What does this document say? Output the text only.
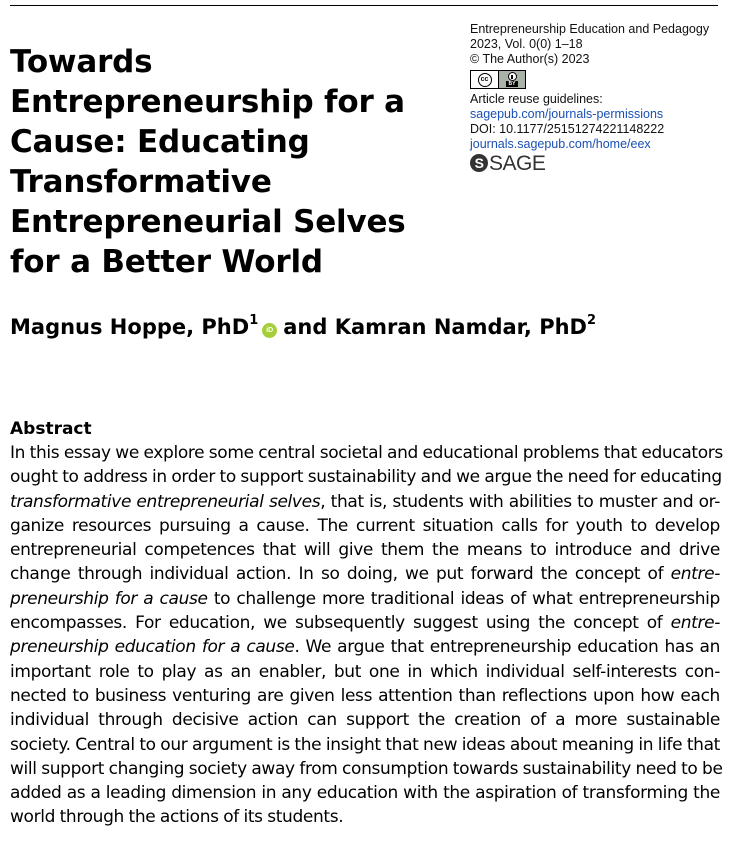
Towards Entrepreneurship for a Cause: Educating Transformative Entrepreneurial Selves for a Better World
Entrepreneurship Education and Pedagogy
2023, Vol. 0(0) 1–18
© The Author(s) 2023
cc
BY
Article reuse guidelines:
sagepub.com/journals-permissions
DOI: 10.1177/25151274221148222
journals.sagepub.com/home/eex
S SAGE
Magnus Hoppe, PhD$^1$iD and Kamran Namdar, PhD$^2$
Abstract
In this essay we explore some central societal and educational problems that educators
ought to address in order to support sustainability and we argue the need for educating
transformative entrepreneurial selves, that is, students with abilities to muster and or-
ganize resources pursuing a cause. The current situation calls for youth to develop
entrepreneurial competences that will give them the means to introduce and drive
change through individual action. In so doing, we put forward the concept of entre-
preneurship for a cause to challenge more traditional ideas of what entrepreneurship
encompasses. For education, we subsequently suggest using the concept of entre-
preneurship education for a cause. We argue that entrepreneurship education has an
important role to play as an enabler, but one in which individual self-interests con-
nected to business venturing are given less attention than reflections upon how each
individual through decisive action can support the creation of a more sustainable
society. Central to our argument is the insight that new ideas about meaning in life that
will support changing society away from consumption towards sustainability need to be
added as a leading dimension in any education with the aspiration of transforming the
world through the actions of its students.
